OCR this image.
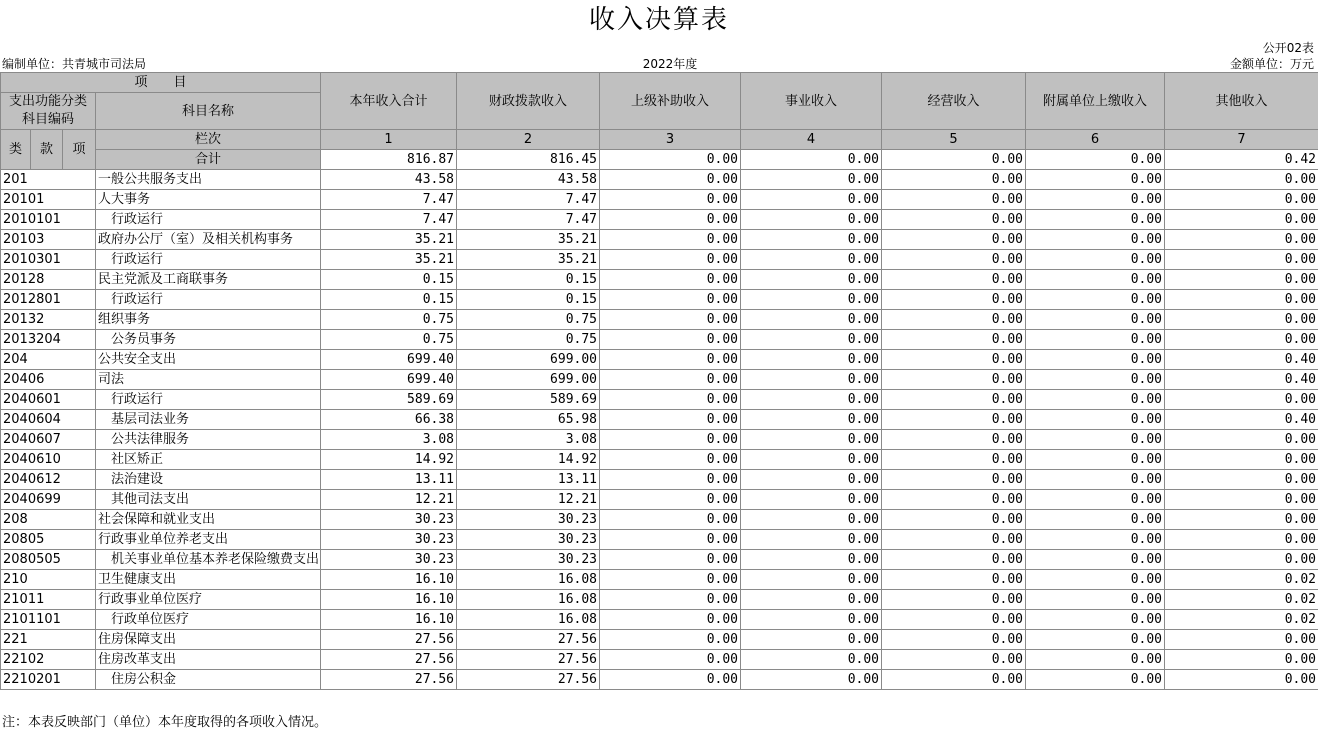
收入决算表
公开02表
编制单位：共青城市司法局	2022年度	金额单位：万元
项　　目				本年收入合计	财政拨款收入	上级补助收入	事业收入	经营收入	附属单位上缴收入	其他收入
支出功能分类科目编码			科目名称							

类	款	项	栏次	1	2	3	4	5	6	7
			合计	816.87	816.45	0.00	0.00	0.00	0.00	0.42
201			一般公共服务支出	43.58	43.58	0.00	0.00	0.00	0.00	0.00
20101			人大事务	7.47	7.47	0.00	0.00	0.00	0.00	0.00
2010101			　行政运行	7.47	7.47	0.00	0.00	0.00	0.00	0.00
20103			政府办公厅（室）及相关机构事务	35.21	35.21	0.00	0.00	0.00	0.00	0.00
2010301			　行政运行	35.21	35.21	0.00	0.00	0.00	0.00	0.00
20128			民主党派及工商联事务	0.15	0.15	0.00	0.00	0.00	0.00	0.00
2012801			　行政运行	0.15	0.15	0.00	0.00	0.00	0.00	0.00
20132			组织事务	0.75	0.75	0.00	0.00	0.00	0.00	0.00
2013204			　公务员事务	0.75	0.75	0.00	0.00	0.00	0.00	0.00
204			公共安全支出	699.40	699.00	0.00	0.00	0.00	0.00	0.40
20406			司法	699.40	699.00	0.00	0.00	0.00	0.00	0.40
2040601			　行政运行	589.69	589.69	0.00	0.00	0.00	0.00	0.00
2040604			　基层司法业务	66.38	65.98	0.00	0.00	0.00	0.00	0.40
2040607			　公共法律服务	3.08	3.08	0.00	0.00	0.00	0.00	0.00
2040610			　社区矫正	14.92	14.92	0.00	0.00	0.00	0.00	0.00
2040612			　法治建设	13.11	13.11	0.00	0.00	0.00	0.00	0.00
2040699			　其他司法支出	12.21	12.21	0.00	0.00	0.00	0.00	0.00
208			社会保障和就业支出	30.23	30.23	0.00	0.00	0.00	0.00	0.00
20805			行政事业单位养老支出	30.23	30.23	0.00	0.00	0.00	0.00	0.00
2080505			　机关事业单位基本养老保险缴费支出	30.23	30.23	0.00	0.00	0.00	0.00	0.00
210			卫生健康支出	16.10	16.08	0.00	0.00	0.00	0.00	0.02
21011			行政事业单位医疗	16.10	16.08	0.00	0.00	0.00	0.00	0.02
2101101			　行政单位医疗	16.10	16.08	0.00	0.00	0.00	0.00	0.02
221			住房保障支出	27.56	27.56	0.00	0.00	0.00	0.00	0.00
22102			住房改革支出	27.56	27.56	0.00	0.00	0.00	0.00	0.00
2210201			　住房公积金	27.56	27.56	0.00	0.00	0.00	0.00	0.00
注：本表反映部门（单位）本年度取得的各项收入情况。
